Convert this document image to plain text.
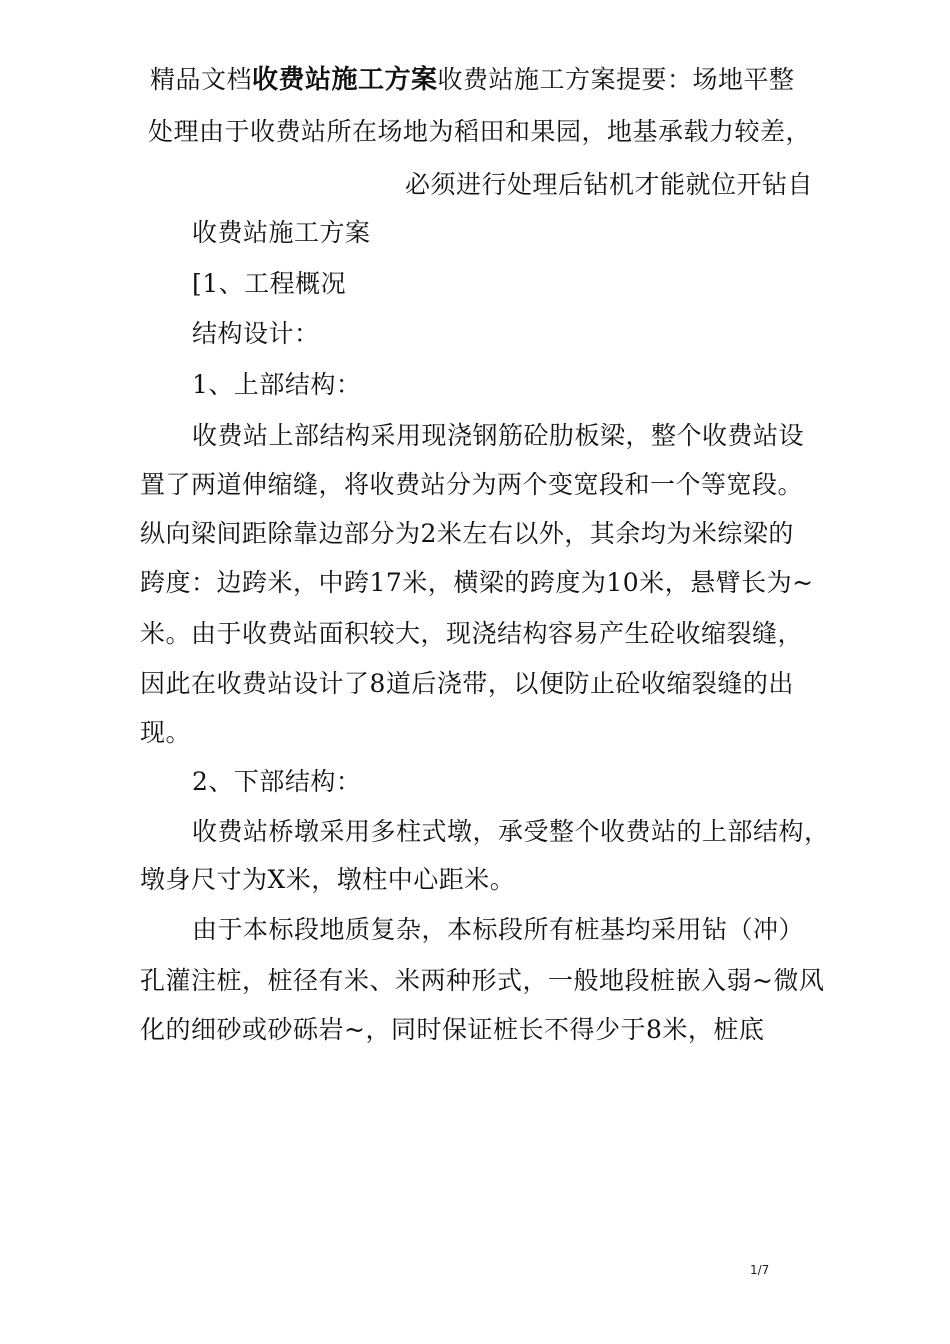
精品文档收费站施工方案收费站施工方案提要：场地平整
处理由于收费站所在场地为稻田和果园，地基承载力较差，
必须进行处理后钻机才能就位开钻自
收费站施工方案
[1、工程概况
结构设计：
1、上部结构：
收费站上部结构采用现浇钢筋砼肋板梁，整个收费站设
置了两道伸缩缝，将收费站分为两个变宽段和一个等宽段。
纵向梁间距除靠边部分为2米左右以外，其余均为米综梁的
跨度：边跨米，中跨17米，横梁的跨度为10米，悬臂长为~
米。由于收费站面积较大，现浇结构容易产生砼收缩裂缝，
因此在收费站设计了8道后浇带，以便防止砼收缩裂缝的出
现。
2、下部结构：
收费站桥墩采用多柱式墩，承受整个收费站的上部结构，
墩身尺寸为X米，墩柱中心距米。
由于本标段地质复杂，本标段所有桩基均采用钻（冲）
孔灌注桩，桩径有米、米两种形式，一般地段桩嵌入弱~微风
化的细砂或砂砾岩~，同时保证桩长不得少于8米，桩底
1/7
